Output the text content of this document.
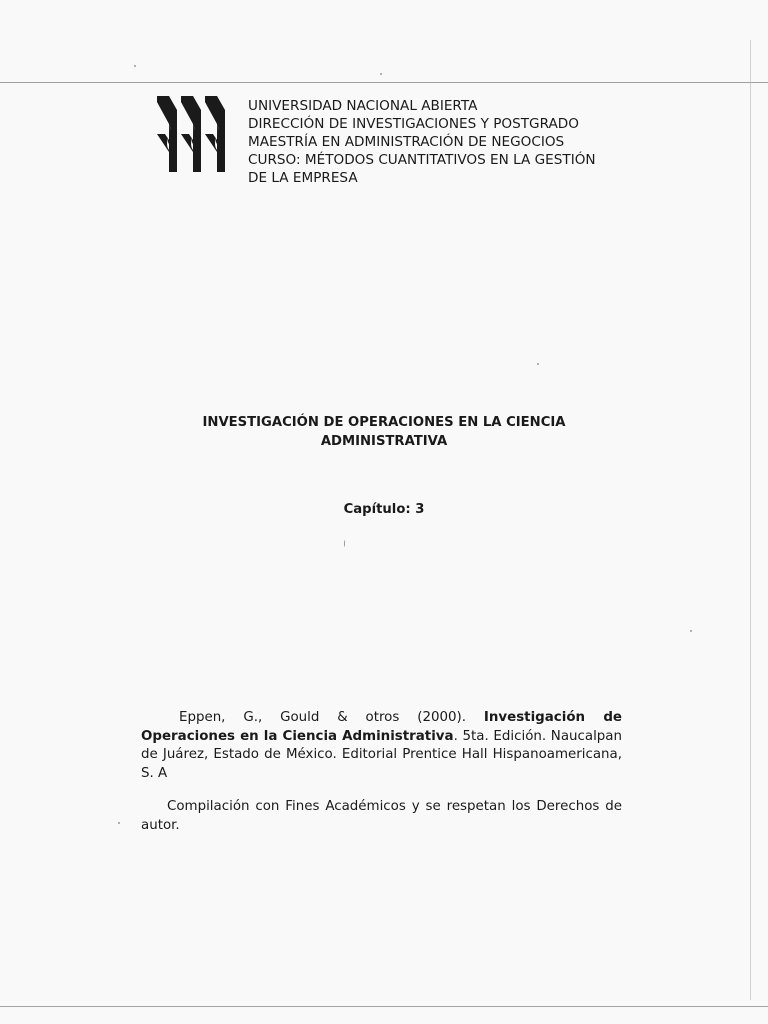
UNIVERSIDAD NACIONAL ABIERTA
DIRECCIÓN DE INVESTIGACIONES Y POSTGRADO
MAESTRÍA EN ADMINISTRACIÓN DE NEGOCIOS
CURSO: MÉTODOS CUANTITATIVOS EN LA GESTIÓN
DE LA EMPRESA
INVESTIGACIÓN DE OPERACIONES EN LA CIENCIA
ADMINISTRATIVA
Capítulo: 3
Eppen, G., Gould & otros (2000). Investigación de Operaciones en la Ciencia Administrativa. 5ta. Edición. Naucalpan de Juárez, Estado de México. Editorial Prentice Hall Hispanoamericana, S. A
Compilación con Fines Académicos y se respetan los Derechos de autor.
